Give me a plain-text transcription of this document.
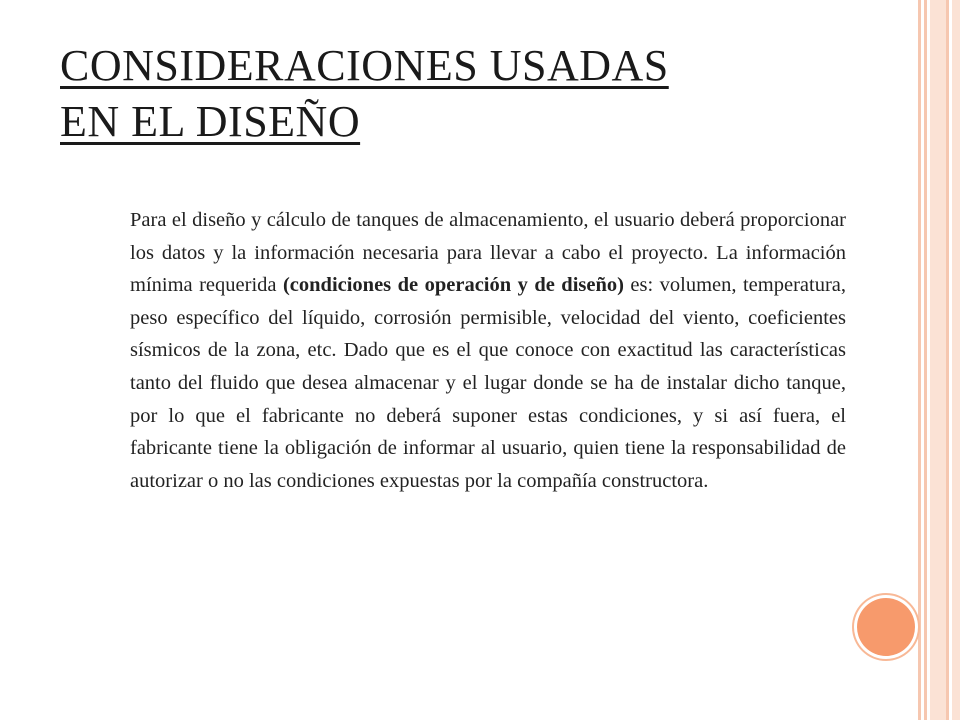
CONSIDERACIONES USADAS
EN EL DISEÑO

Para el diseño y cálculo de tanques de almacenamiento, el usuario deberá proporcionar los datos y la información necesaria para llevar a cabo el proyecto. La información mínima requerida (condiciones de operación y de diseño) es: volumen, temperatura, peso específico del líquido, corrosión permisible, velocidad del viento, coeficientes sísmicos de la zona, etc. Dado que es el que conoce con exactitud las características tanto del fluido que desea almacenar y el lugar donde se ha de instalar dicho tanque, por lo que el fabricante no deberá suponer estas condiciones, y si así fuera, el fabricante tiene la obligación de informar al usuario, quien tiene la responsabilidad de autorizar o no las condiciones expuestas por la compañía constructora.
